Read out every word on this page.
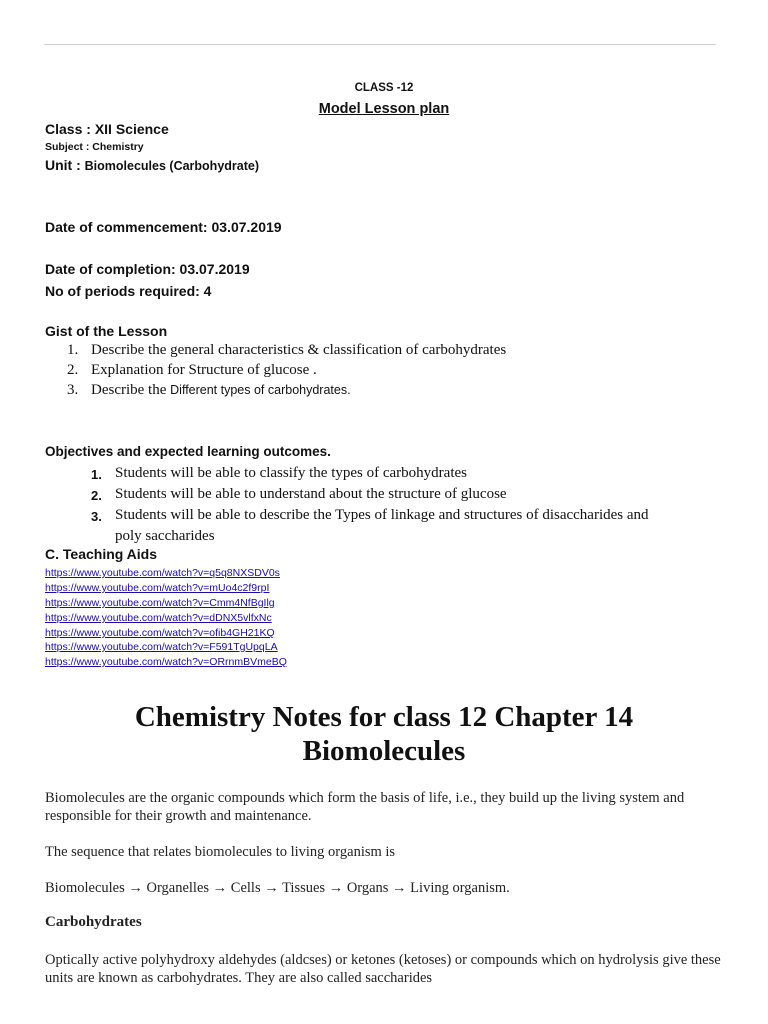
CLASS -12
Model Lesson plan
Class : XII Science
Subject : Chemistry
Unit : Biomolecules (Carbohydrate)
Date of commencement: 03.07.2019
Date of completion: 03.07.2019
No of periods required: 4
Gist of the Lesson
1. Describe the general characteristics & classification of carbohydrates
2. Explanation for Structure of glucose .
3. Describe the Different types of carbohydrates.
Objectives and expected learning outcomes.
1. Students will be able to classify the types of carbohydrates
2. Students will be able to understand about the structure of glucose
3. Students will be able to describe the Types of linkage and structures of disaccharides and poly saccharides
C. Teaching Aids
https://www.youtube.com/watch?v=q5q8NXSDV0s
https://www.youtube.com/watch?v=mUo4c2f9rpI
https://www.youtube.com/watch?v=Cmm4NfBgIlg
https://www.youtube.com/watch?v=dDNX5vlfxNc
https://www.youtube.com/watch?v=ofib4GH21KQ
https://www.youtube.com/watch?v=F591TgUpqLA
https://www.youtube.com/watch?v=ORrnmBVmeBQ
Chemistry Notes for class 12 Chapter 14 Biomolecules
Biomolecules are the organic compounds which form the basis of life, i.e., they build up the living system and responsible for their growth and maintenance.
The sequence that relates biomolecules to living organism is
Biomolecules → Organelles → Cells → Tissues → Organs → Living organism.
Carbohydrates
Optically active polyhydroxy aldehydes (aldcses) or ketones (ketoses) or compounds which on hydrolysis give these units are known as carbohydrates. They are also called saccharides
